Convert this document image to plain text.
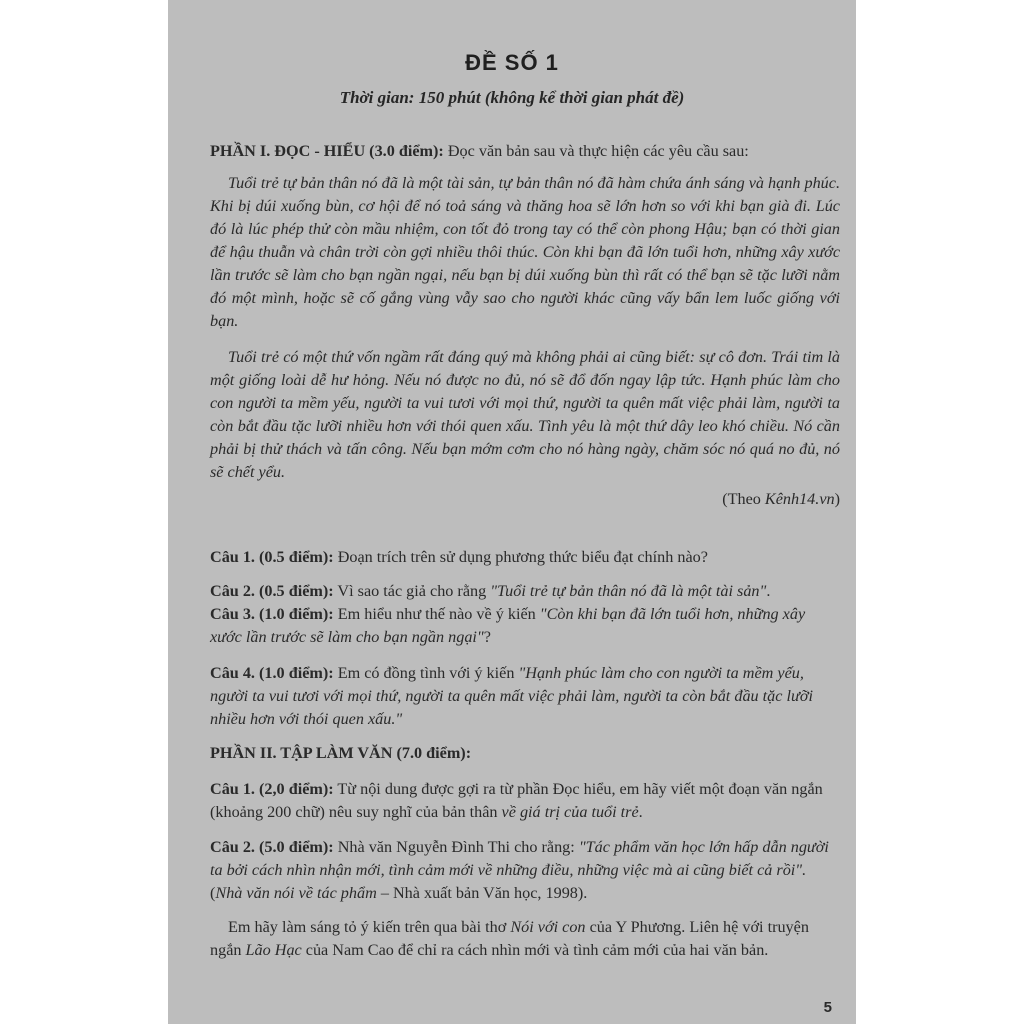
ĐỀ SỐ 1
Thời gian: 150 phút (không kể thời gian phát đề)
PHẦN I. ĐỌC - HIỂU (3.0 điểm): Đọc văn bản sau và thực hiện các yêu cầu sau:
Tuổi trẻ tự bản thân nó đã là một tài sản, tự bản thân nó đã hàm chứa ánh sáng và hạnh phúc. Khi bị dúi xuống bùn, cơ hội để nó toả sáng và thăng hoa sẽ lớn hơn so với khi bạn già đi. Lúc đó là lúc phép thử còn mầu nhiệm, con tốt đỏ trong tay có thể còn phong Hậu; bạn có thời gian để hậu thuẫn và chân trời còn gợi nhiều thôi thúc. Còn khi bạn đã lớn tuổi hơn, những xây xước lần trước sẽ làm cho bạn ngần ngại, nếu bạn bị dúi xuống bùn thì rất có thể bạn sẽ tặc lưỡi nằm đó một mình, hoặc sẽ cố gắng vùng vẫy sao cho người khác cũng vấy bẩn lem luốc giống với bạn.
Tuổi trẻ có một thứ vốn ngầm rất đáng quý mà không phải ai cũng biết: sự cô đơn. Trái tim là một giống loài dễ hư hỏng. Nếu nó được no đủ, nó sẽ đổ đốn ngay lập tức. Hạnh phúc làm cho con người ta mềm yếu, người ta vui tươi với mọi thứ, người ta quên mất việc phải làm, người ta còn bắt đầu tặc lưỡi nhiều hơn với thói quen xấu. Tình yêu là một thứ dây leo khó chiều. Nó cần phải bị thử thách và tấn công. Nếu bạn mớm cơm cho nó hàng ngày, chăm sóc nó quá no đủ, nó sẽ chết yểu.
(Theo Kênh14.vn)
Câu 1. (0.5 điểm): Đoạn trích trên sử dụng phương thức biểu đạt chính nào?
Câu 2. (0.5 điểm): Vì sao tác giả cho rằng "Tuổi trẻ tự bản thân nó đã là một tài sản".
Câu 3. (1.0 điểm): Em hiểu như thế nào về ý kiến "Còn khi bạn đã lớn tuổi hơn, những xây xước lần trước sẽ làm cho bạn ngần ngại"?
Câu 4. (1.0 điểm): Em có đồng tình với ý kiến "Hạnh phúc làm cho con người ta mềm yếu, người ta vui tươi với mọi thứ, người ta quên mất việc phải làm, người ta còn bắt đầu tặc lưỡi nhiều hơn với thói quen xấu."
PHẦN II. TẬP LÀM VĂN (7.0 điểm):
Câu 1. (2,0 điểm): Từ nội dung được gợi ra từ phần Đọc hiểu, em hãy viết một đoạn văn ngắn (khoảng 200 chữ) nêu suy nghĩ của bản thân về giá trị của tuổi trẻ.
Câu 2. (5.0 điểm): Nhà văn Nguyễn Đình Thi cho rằng: "Tác phẩm văn học lớn hấp dẫn người ta bởi cách nhìn nhận mới, tình cảm mới về những điều, những việc mà ai cũng biết cả rồi". (Nhà văn nói về tác phẩm – Nhà xuất bản Văn học, 1998).
Em hãy làm sáng tỏ ý kiến trên qua bài thơ Nói với con của Y Phương. Liên hệ với truyện ngắn Lão Hạc của Nam Cao để chỉ ra cách nhìn mới và tình cảm mới của hai văn bản.
5
